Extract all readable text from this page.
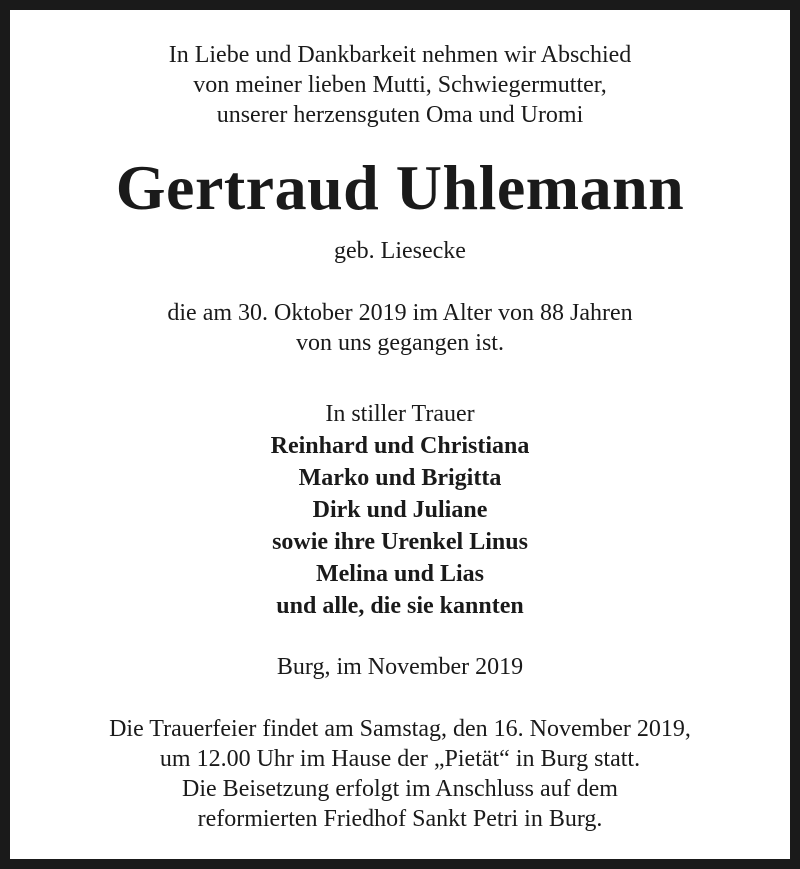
In Liebe und Dankbarkeit nehmen wir Abschied
von meiner lieben Mutti, Schwiegermutter,
unserer herzensguten Oma und Uromi
Gertraud Uhlemann
geb. Liesecke
die am 30. Oktober 2019 im Alter von 88 Jahren
von uns gegangen ist.
In stiller Trauer
Reinhard und Christiana
Marko und Brigitta
Dirk und Juliane
sowie ihre Urenkel Linus
Melina und Lias
und alle, die sie kannten
Burg, im November 2019
Die Trauerfeier findet am Samstag, den 16. November 2019,
um 12.00 Uhr im Hause der „Pietät“ in Burg statt.
Die Beisetzung erfolgt im Anschluss auf dem
reformierten Friedhof Sankt Petri in Burg.
